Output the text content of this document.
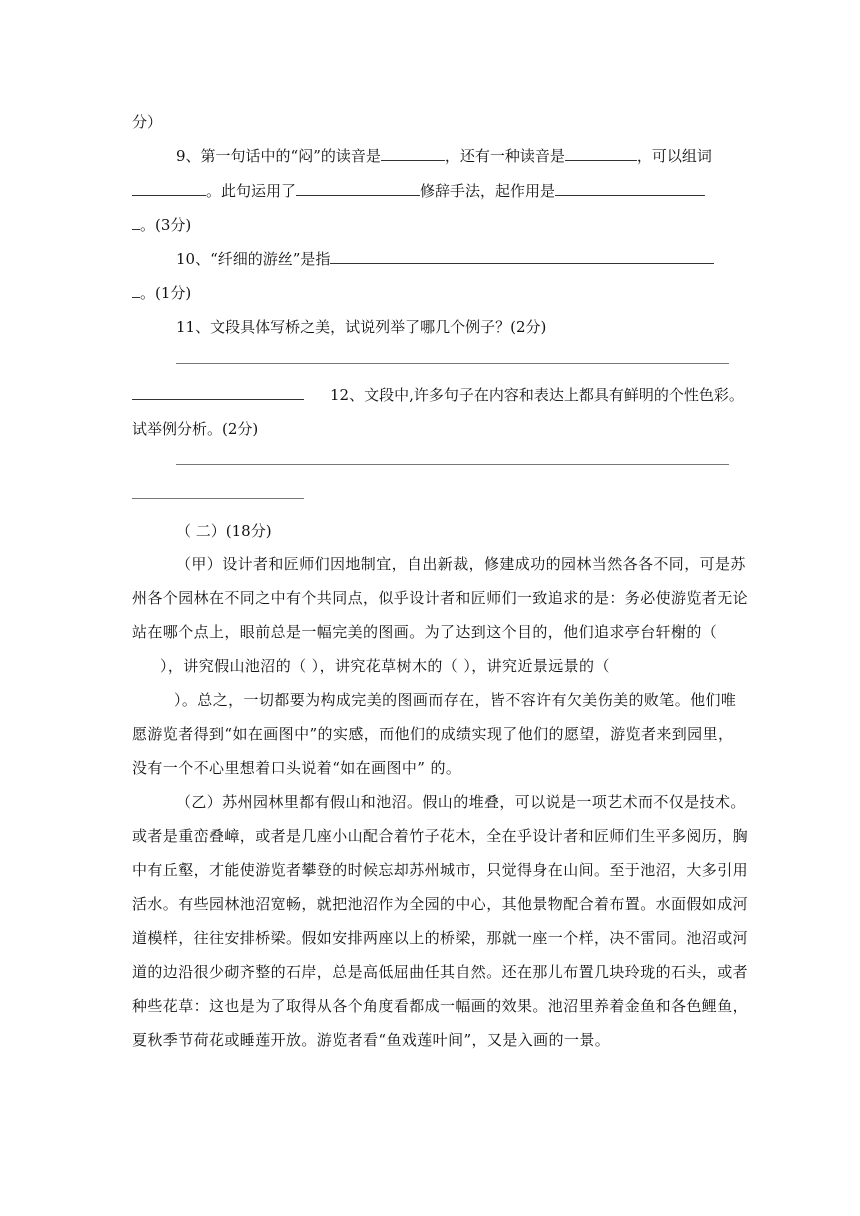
分）
9、第一句话中的“闷”的读音是	，还有一种读音是	，可以组词
。此句运用了	修辞手法，起作用是
。(3分)
10、“纤细的游丝”是指
。(1分)
11、文段具体写桥之美，试说列举了哪几个例子？(2分)
12、文段中,许多句子在内容和表达上都具有鲜明的个性色彩。
试举例分析。(2分)
（ 二）(18分)
（甲）设计者和匠师们因地制宜，自出新裁，修建成功的园林当然各各不同，可是苏
州各个园林在不同之中有个共同点，似乎设计者和匠师们一致追求的是：务必使游览者无论
站在哪个点上，眼前总是一幅完美的图画。为了达到这个目的，他们追求亭台轩榭的（
），讲究假山池沼的（ ），讲究花草树木的（ ），讲究近景远景的（
）。总之，一切都要为构成完美的图画而存在，皆不容许有欠美伤美的败笔。他们唯
愿游览者得到“如在画图中”的实感，而他们的成绩实现了他们的愿望，游览者来到园里，
没有一个不心里想着口头说着“如在画图中” 的。
（乙）苏州园林里都有假山和池沼。假山的堆叠，可以说是一项艺术而不仅是技术。
或者是重峦叠嶂，或者是几座小山配合着竹子花木，全在乎设计者和匠师们生平多阅历，胸
中有丘壑，才能使游览者攀登的时候忘却苏州城市，只觉得身在山间。至于池沼，大多引用
活水。有些园林池沼宽畅，就把池沼作为全园的中心，其他景物配合着布置。水面假如成河
道模样，往往安排桥梁。假如安排两座以上的桥梁，那就一座一个样，决不雷同。池沼或河
道的边沿很少砌齐整的石岸，总是高低屈曲任其自然。还在那儿布置几块玲珑的石头，或者
种些花草：这也是为了取得从各个角度看都成一幅画的效果。池沼里养着金鱼和各色鲤鱼，
夏秋季节荷花或睡莲开放。游览者看“鱼戏莲叶间”，又是入画的一景。
